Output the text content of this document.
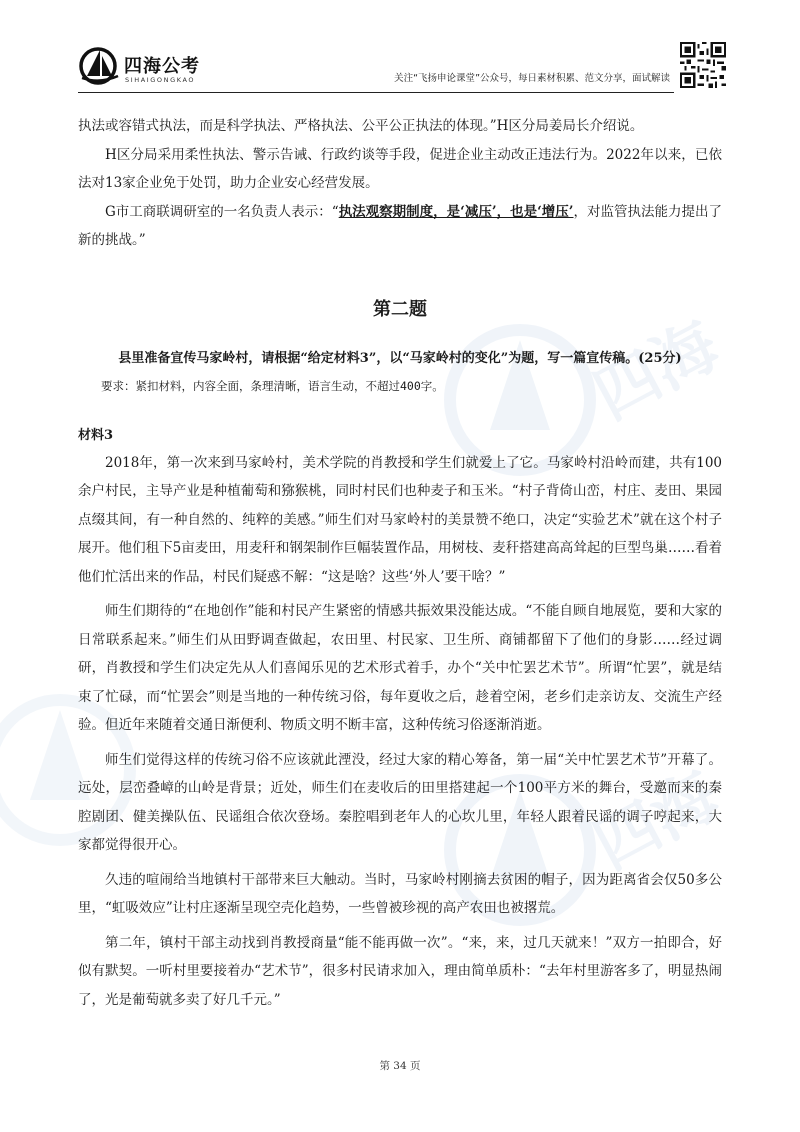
四海
四海
四海公考
SIHAIGONGKAO	关注“飞扬申论课堂”公众号，每日素材积累、范文分享，面试解读

执法或容错式执法，而是科学执法、严格执法、公平公正执法的体现。”H区分局姜局长介绍说。

H区分局采用柔性执法、警示告诫、行政约谈等手段，促进企业主动改正违法行为。2022年以来，已依法对13家企业免于处罚，助力企业安心经营发展。

G市工商联调研室的一名负责人表示：“执法观察期制度，是‘减压’，也是‘增压’，对监管执法能力提出了新的挑战。”

第二题

县里准备宣传马家岭村，请根据“给定材料3”，以“马家岭村的变化”为题，写一篇宣传稿。(25分)

要求：紧扣材料，内容全面，条理清晰，语言生动，不超过400字。

材料3

2018年，第一次来到马家岭村，美术学院的肖教授和学生们就爱上了它。马家岭村沿岭而建，共有100余户村民，主导产业是种植葡萄和猕猴桃，同时村民们也种麦子和玉米。“村子背倚山峦，村庄、麦田、果园点缀其间，有一种自然的、纯粹的美感。”师生们对马家岭村的美景赞不绝口，决定“实验艺术”就在这个村子展开。他们租下5亩麦田，用麦秆和钢架制作巨幅装置作品，用树枝、麦秆搭建高高耸起的巨型鸟巢……看着他们忙活出来的作品，村民们疑惑不解：“这是啥？这些‘外人’要干啥？”

师生们期待的“在地创作”能和村民产生紧密的情感共振效果没能达成。“不能自顾自地展览，要和大家的日常联系起来。”师生们从田野调查做起，农田里、村民家、卫生所、商铺都留下了他们的身影……经过调研，肖教授和学生们决定先从人们喜闻乐见的艺术形式着手，办个“关中忙罢艺术节”。所谓“忙罢”，就是结束了忙碌，而“忙罢会”则是当地的一种传统习俗，每年夏收之后，趁着空闲，老乡们走亲访友、交流生产经验。但近年来随着交通日渐便利、物质文明不断丰富，这种传统习俗逐渐消逝。

师生们觉得这样的传统习俗不应该就此湮没，经过大家的精心筹备，第一届“关中忙罢艺术节”开幕了。远处，层峦叠嶂的山岭是背景；近处，师生们在麦收后的田里搭建起一个100平方米的舞台，受邀而来的秦腔剧团、健美操队伍、民谣组合依次登场。秦腔唱到老年人的心坎儿里，年轻人跟着民谣的调子哼起来，大家都觉得很开心。

久违的喧闹给当地镇村干部带来巨大触动。当时，马家岭村刚摘去贫困的帽子，因为距离省会仅50多公里，“虹吸效应”让村庄逐渐呈现空壳化趋势，一些曾被珍视的高产农田也被撂荒。

第二年，镇村干部主动找到肖教授商量“能不能再做一次”。“来，来，过几天就来！”双方一拍即合，好似有默契。一听村里要接着办“艺术节”，很多村民请求加入，理由简单质朴：“去年村里游客多了，明显热闹了，光是葡萄就多卖了好几千元。”

第 34 页
